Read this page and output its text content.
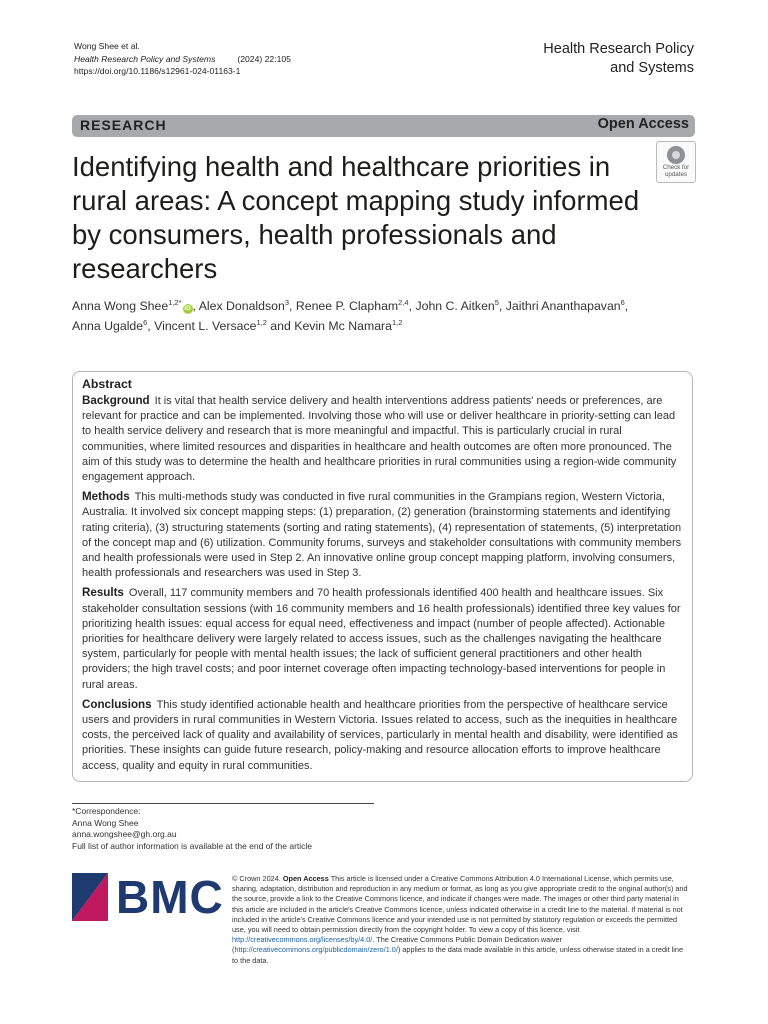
Wong Shee et al.
Health Research Policy and Systems	(2024) 22:105
https://doi.org/10.1186/s12961-024-01163-1
Health Research Policy
and Systems
RESEARCH	Open Access
Identifying health and healthcare priorities in rural areas: A concept mapping study informed by consumers, health professionals and researchers
Check for
updates
Anna Wong Shee$^{1,2*}$iD , Alex Donaldson$^3$, Renee P. Clapham$^{2,4}$, John C. Aitken$^5$, Jaithri Ananthapavan$^6$,
Anna Ugalde$^6$, Vincent L. Versace$^{1,2}$ and Kevin Mc Namara$^{1,2}$
Abstract

Background It is vital that health service delivery and health interventions address patients' needs or preferences, are relevant for practice and can be implemented. Involving those who will use or deliver healthcare in priority-setting can lead to health service delivery and research that is more meaningful and impactful. This is particularly crucial in rural communities, where limited resources and disparities in healthcare and health outcomes are often more pronounced. The aim of this study was to determine the health and healthcare priorities in rural communities using a region-wide community engagement approach.

Methods This multi-methods study was conducted in five rural communities in the Grampians region, Western Victoria, Australia. It involved six concept mapping steps: (1) preparation, (2) generation (brainstorming statements and identifying rating criteria), (3) structuring statements (sorting and rating statements), (4) representation of statements, (5) interpretation of the concept map and (6) utilization. Community forums, surveys and stakeholder consultations with community members and health professionals were used in Step 2. An innovative online group concept mapping platform, involving consumers, health professionals and researchers was used in Step 3.

Results Overall, 117 community members and 70 health professionals identified 400 health and healthcare issues. Six stakeholder consultation sessions (with 16 community members and 16 health professionals) identified three key values for prioritizing health issues: equal access for equal need, effectiveness and impact (number of people affected). Actionable priorities for healthcare delivery were largely related to access issues, such as the challenges navigating the healthcare system, particularly for people with mental health issues; the lack of sufficient general practitioners and other health providers; the high travel costs; and poor internet coverage often impacting technology-based interventions for people in rural areas.

Conclusions This study identified actionable health and healthcare priorities from the perspective of healthcare service users and providers in rural communities in Western Victoria. Issues related to access, such as the inequities in healthcare costs, the perceived lack of quality and availability of services, particularly in mental health and disability, were identified as priorities. These insights can guide future research, policy-making and resource allocation efforts to improve healthcare access, quality and equity in rural communities.

*Correspondence:
Anna Wong Shee
anna.wongshee@gh.org.au
Full list of author information is available at the end of the article
BMC © Crown 2024. Open Access This article is licensed under a Creative Commons Attribution 4.0 International License, which permits use, sharing, adaptation, distribution and reproduction in any medium or format, as long as you give appropriate credit to the original author(s) and the source, provide a link to the Creative Commons licence, and indicate if changes were made. The images or other third party material in this article are included in the article's Creative Commons licence, unless indicated otherwise in a credit line to the material. If material is not included in the article's Creative Commons licence and your intended use is not permitted by statutory regulation or exceeds the permitted use, you will need to obtain permission directly from the copyright holder. To view a copy of this licence, visit http://creativecommons.org/licenses/by/4.0/. The Creative Commons Public Domain Dedication waiver (http://creativecommons.org/publicdomain/zero/1.0/) applies to the data made available in this article, unless otherwise stated in a credit line to the data.
